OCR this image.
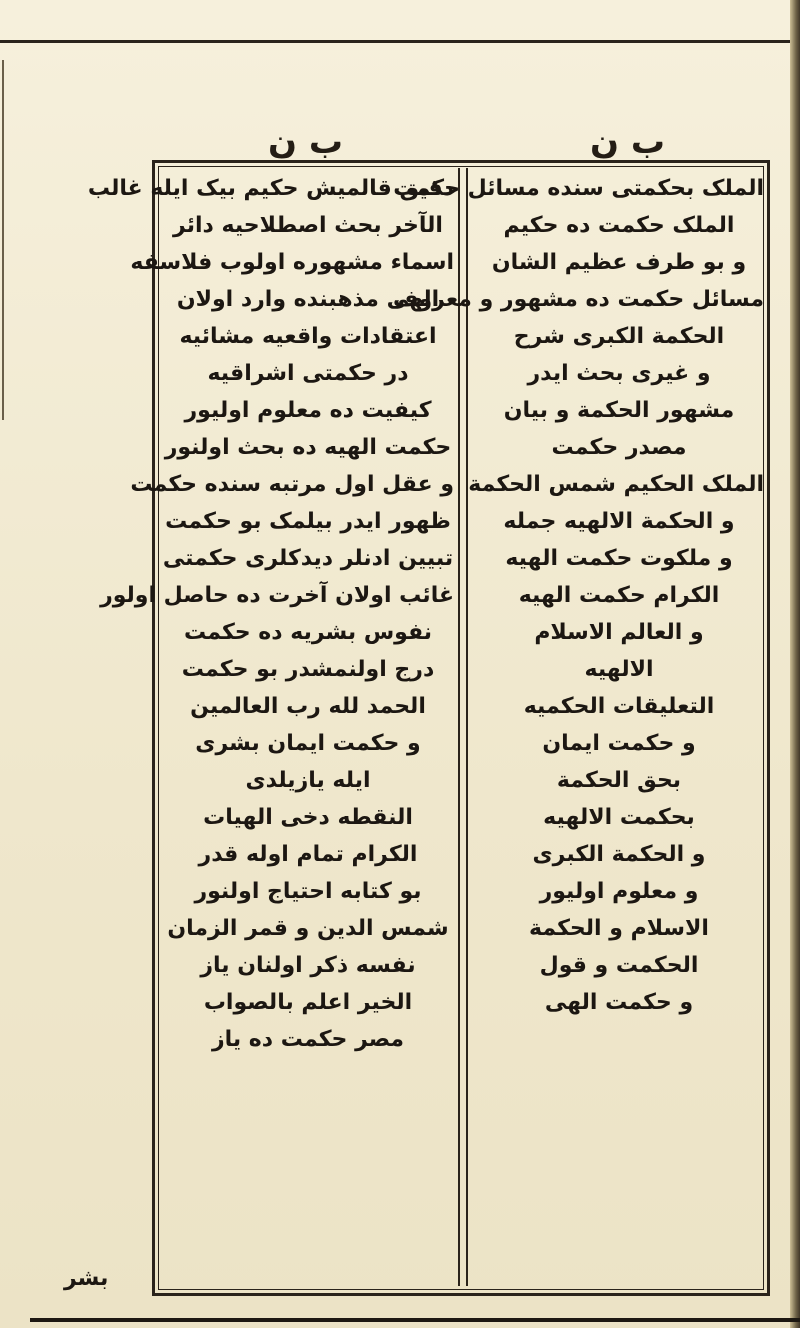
ب ن	ب ن
دقیق قالمیش حکیم بیک ایله غالب
الآخر بحث اصطلاحیه دائر
اسماء مشهوره اولوب فلاسفه
الهی مذهبنده وارد اولان
اعتقادات واقعیه مشائیه
در حکمتی اشراقیه
کیفیت ده معلوم اولیور
حکمت الهیه ده بحث اولنور
و عقل اول مرتبه سنده حکمت
ظهور ایدر بیلمک بو حکمت
تبیین ادنلر دیدکلری حکمتی
غائب اولان آخرت ده حاصل اولور
نفوس بشریه ده حکمت
درج اولنمشدر بو حکمت
الحمد لله رب العالمین
و حکمت ایمان بشری
ایله یازیلدی
النقطه دخی الهیات
الکرام تمام اوله قدر
بو کتابه احتیاج اولنور
شمس الدین و قمر الزمان
نفسه ذکر اولنان یاز
الخیر اعلم بالصواب
مصر حکمت ده یاز
الملک بحکمتی سنده مسائل حکمت
الملک حکمت ده حکیم
و بو طرف عظیم الشان
مسائل حکمت ده مشهور و معروف
الحکمة الکبری شرح
و غیری بحث ایدر
مشهور الحکمة و بیان
مصدر حکمت
الملک الحکیم شمس الحکمة
و الحکمة الالهیه جمله
و ملکوت حکمت الهیه
الکرام حکمت الهیه
و العالم الاسلام
الالهیه
التعلیقات الحکمیه
و حکمت ایمان
بحق الحکمة
بحکمت الالهیه
و الحکمة الکبری
و معلوم اولیور
الاسلام و الحکمة
الحکمت و قول
و حکمت الهی
بشر
